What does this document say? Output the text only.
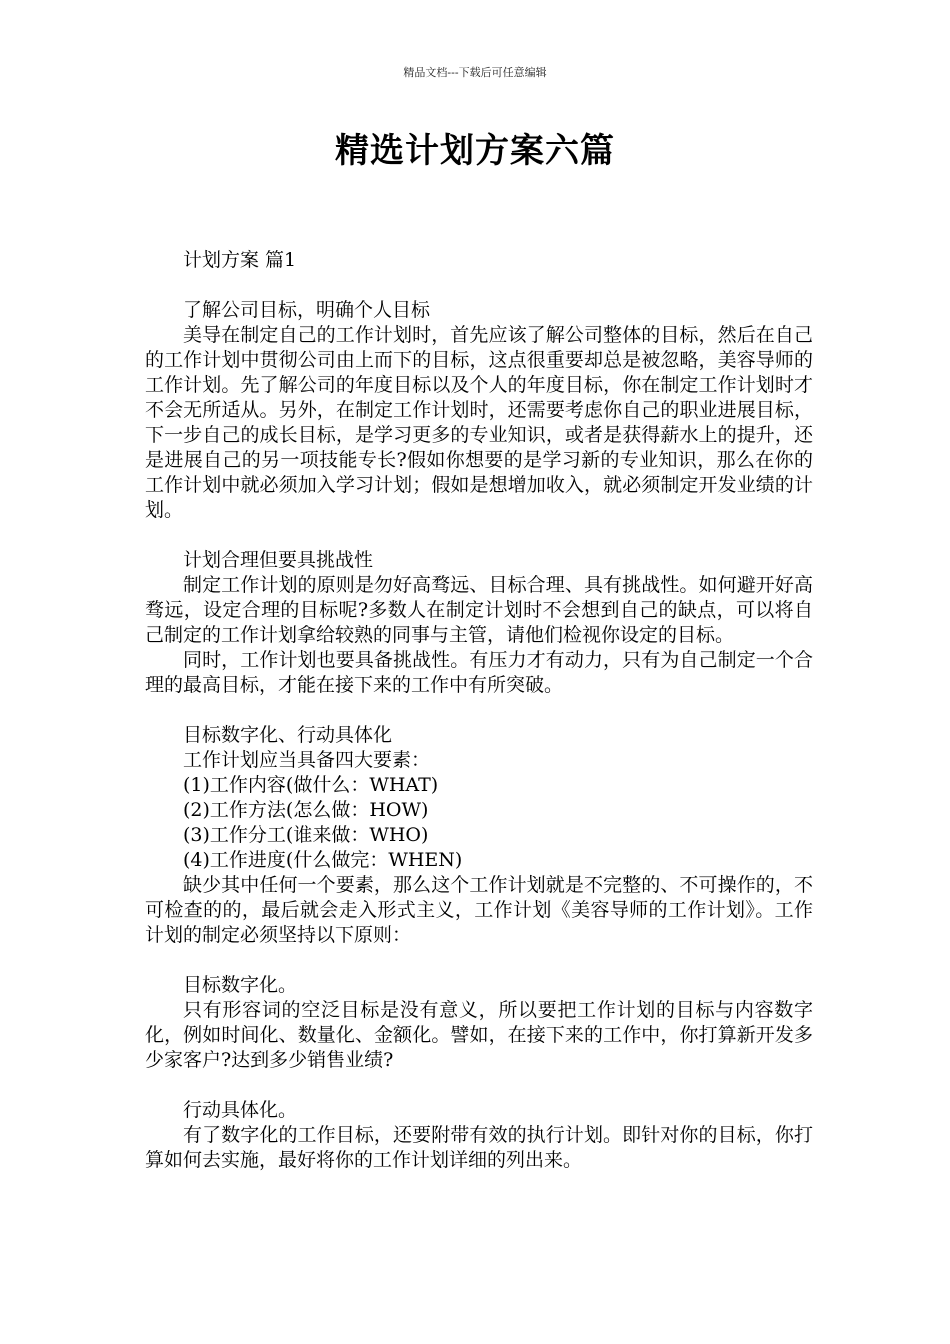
精品文档---下载后可任意编辑
精选计划方案六篇

计划方案 篇1

了解公司目标，明确个人目标

美导在制定自己的工作计划时，首先应该了解公司整体的目标，然后在自己的工作计划中贯彻公司由上而下的目标，这点很重要却总是被忽略，美容导师的工作计划。先了解公司的年度目标以及个人的年度目标，你在制定工作计划时才不会无所适从。另外，在制定工作计划时，还需要考虑你自己的职业进展目标，下一步自己的成长目标，是学习更多的专业知识，或者是获得薪水上的提升，还是进展自己的另一项技能专长?假如你想要的是学习新的专业知识，那么在你的工作计划中就必须加入学习计划；假如是想增加收入，就必须制定开发业绩的计划。

计划合理但要具挑战性

制定工作计划的原则是勿好高骛远、目标合理、具有挑战性。如何避开好高骛远，设定合理的目标呢?多数人在制定计划时不会想到自己的缺点，可以将自己制定的工作计划拿给较熟的同事与主管，请他们检视你设定的目标。

同时，工作计划也要具备挑战性。有压力才有动力，只有为自己制定一个合理的最高目标，才能在接下来的工作中有所突破。

目标数字化、行动具体化

工作计划应当具备四大要素：

(1)工作内容(做什么：WHAT)

(2)工作方法(怎么做：HOW)

(3)工作分工(谁来做：WHO)

(4)工作进度(什么做完：WHEN)

缺少其中任何一个要素，那么这个工作计划就是不完整的、不可操作的，不可检查的的，最后就会走入形式主义，工作计划《美容导师的工作计划》。工作计划的制定必须坚持以下原则：

目标数字化。

只有形容词的空泛目标是没有意义，所以要把工作计划的目标与内容数字化，例如时间化、数量化、金额化。譬如，在接下来的工作中，你打算新开发多少家客户?达到多少销售业绩?

行动具体化。

有了数字化的工作目标，还要附带有效的执行计划。即针对你的目标，你打算如何去实施，最好将你的工作计划详细的列出来。
